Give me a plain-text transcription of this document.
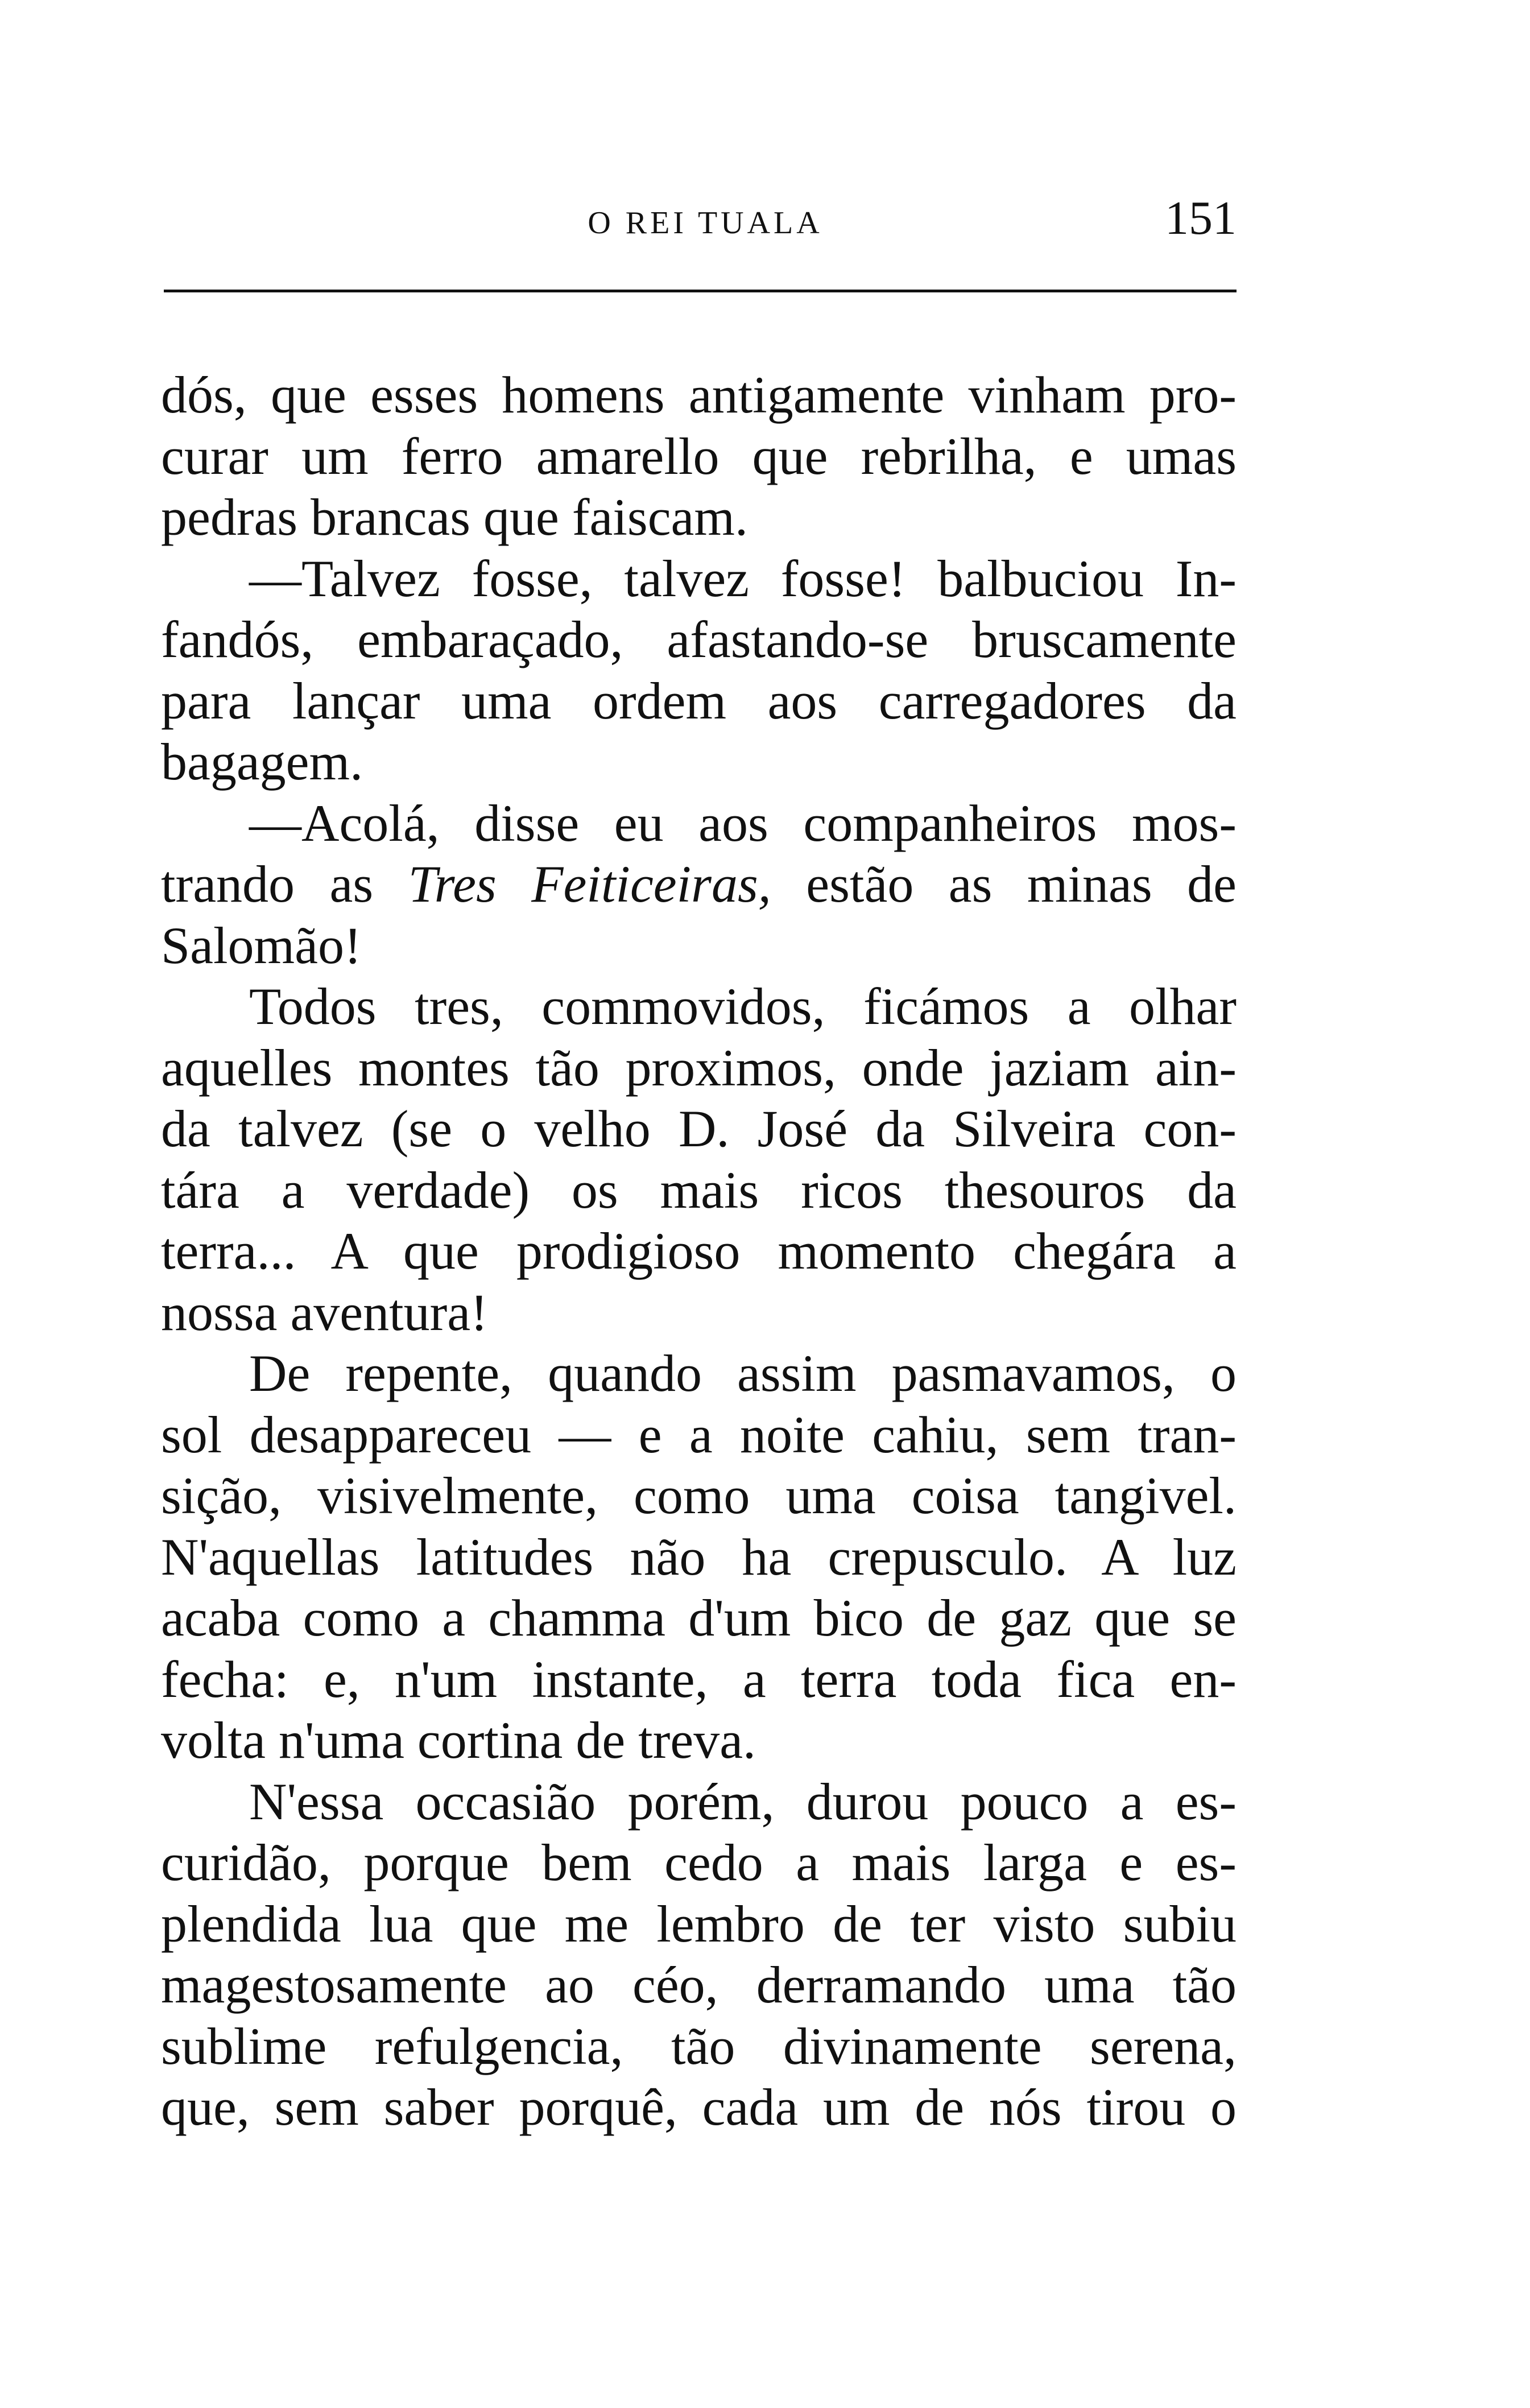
O REI TUALA	151
dós, que esses homens antigamente vinham pro-
curar um ferro amarello que rebrilha, e umas
pedras brancas que faiscam.
—Talvez fosse, talvez fosse! balbuciou In-
fandós, embaraçado, afastando-se bruscamente
para lançar uma ordem aos carregadores da
bagagem.
—Acolá, disse eu aos companheiros mos-
trando as Tres Feiticeiras, estão as minas de
Salomão!
Todos tres, commovidos, ficámos a olhar
aquelles montes tão proximos, onde jaziam ain-
da talvez (se o velho D. José da Silveira con-
tára a verdade) os mais ricos thesouros da
terra... A que prodigioso momento chegára a
nossa aventura!
De repente, quando assim pasmavamos, o
sol desappareceu — e a noite cahiu, sem tran-
sição, visivelmente, como uma coisa tangivel.
N'aquellas latitudes não ha crepusculo. A luz
acaba como a chamma d'um bico de gaz que se
fecha: e, n'um instante, a terra toda fica en-
volta n'uma cortina de treva.
N'essa occasião porém, durou pouco a es-
curidão, porque bem cedo a mais larga e es-
plendida lua que me lembro de ter visto subiu
magestosamente ao céo, derramando uma tão
sublime refulgencia, tão divinamente serena,
que, sem saber porquê, cada um de nós tirou o
